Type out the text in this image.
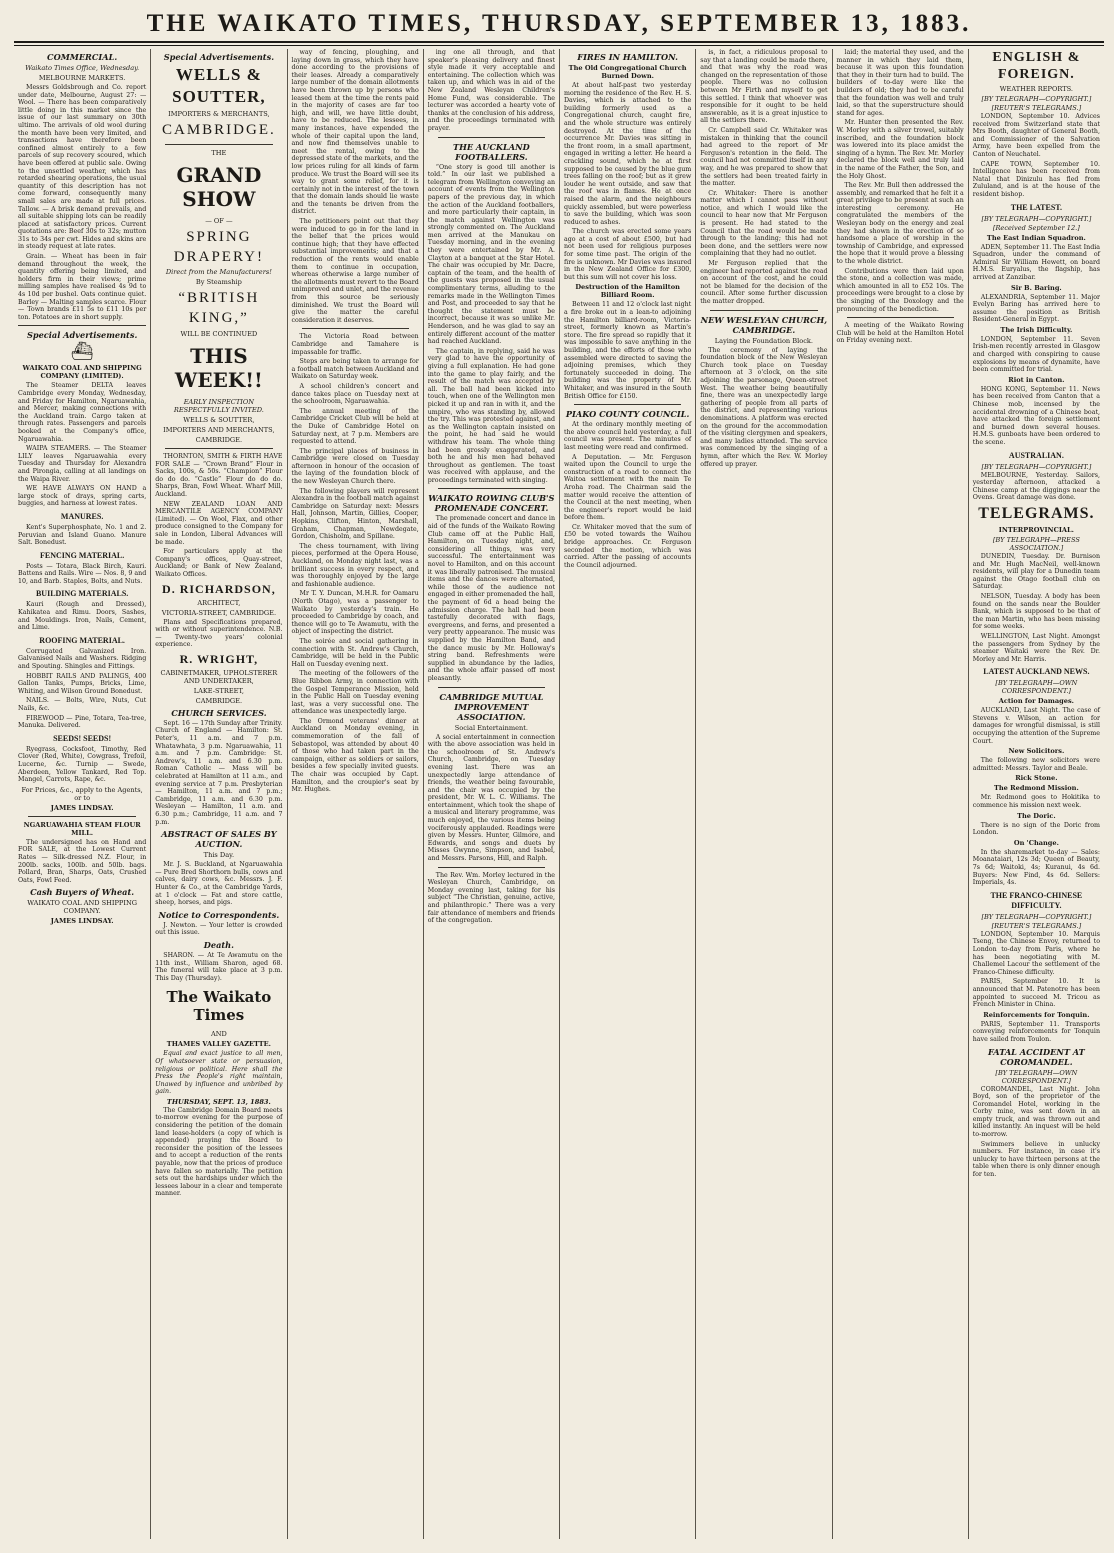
THE WAIKATO TIMES, THURSDAY, SEPTEMBER 13, 1883.
COMMERCIAL.
Waikato Times Office, Wednesday.
MELBOURNE MARKETS.

Messrs Goldsbrough and Co. report under date, Melbourne, August 27: — Wool. — There has been comparatively little doing in this market since the issue of our last summary on 30th ultimo. The arrivals of old wool during the month have been very limited, and transactions have therefore been confined almost entirely to a few parcels of sup recovery scoured, which have been offered at public sale. Owing to the unsettled weather, which has retarded shearing operations, the usual quantity of this description has not come forward, consequently many small sales are made at full prices. Tallow. — A brisk demand prevails, and all suitable shipping lots can be readily placed at satisfactory prices. Current quotations are: Beef 30s to 32s; mutton 31s to 34s per cwt. Hides and skins are in steady request at late rates.

Grain. — Wheat has been in fair demand throughout the week, the quantity offering being limited, and holders firm in their views; prime milling samples have realised 4s 9d to 4s 10d per bushel. Oats continue quiet. Barley — Malting samples scarce. Flour — Town brands £11 5s to £11 10s per ton. Potatoes are in short supply.

Special Advertisements.
⛴
WAIKATO COAL AND SHIPPING COMPANY (LIMITED).

The Steamer DELTA leaves Cambridge every Monday, Wednesday, and Friday for Hamilton, Ngaruawahia, and Mercer, making connections with the Auckland train. Cargo taken at through rates. Passengers and parcels booked at the Company's office, Ngaruawahia.

WAIPA STEAMERS. — The Steamer LILY leaves Ngaruawahia every Tuesday and Thursday for Alexandra and Pirongia, calling at all landings on the Waipa River.

WE HAVE ALWAYS ON HAND a large stock of drays, spring carts, buggies, and harness at lowest rates.

MANURES.

Kent's Superphosphate, No. 1 and 2. Peruvian and Island Guano. Manure Salt. Bonedust.

FENCING MATERIAL.

Posts — Totara, Black Birch, Kauri. Battens and Rails. Wire — Nos. 8, 9 and 10, and Barb. Staples, Bolts, and Nuts.

BUILDING MATERIALS.

Kauri (Rough and Dressed), Kahikatea and Rimu. Doors, Sashes, and Mouldings. Iron, Nails, Cement, and Lime.

ROOFING MATERIAL.

Corrugated Galvanized Iron. Galvanised Nails and Washers. Ridging and Spouting. Shingles and Fittings.

HOBBIT RAILS AND PALINGS, 400 Gallon Tanks, Pumps, Bricks, Lime, Whiting, and Wilson Ground Bonedust.

NAILS. — Bolts, Wire, Nuts, Cut Nails, &c.

FIREWOOD — Pine, Totara, Tea-tree, Manuka. Delivered.

SEEDS! SEEDS!

Ryegrass, Cocksfoot, Timothy, Red Clover (Red, White), Cowgrass, Trefoil, Lucerne, &c. Turnip — Swede, Aberdeen, Yellow Tankard, Red Top. Mangel, Carrots, Rape, &c.

For Prices, &c., apply to the Agents, or to
JAMES LINDSAY.
NGARUAWAHIA STEAM FLOUR MILL.

The undersigned has on Hand and FOR SALE, at the Lowest Current Rates — Silk-dressed N.Z. Flour, in 200lb. sacks, 100lb. and 50lb. bags. Pollard, Bran, Sharps, Oats, Crushed Oats, Fowl Feed.

Cash Buyers of Wheat.
WAIKATO COAL AND SHIPPING COMPANY.
JAMES LINDSAY.
Special Advertisements.
WELLS & SOUTTER,
IMPORTERS & MERCHANTS,
CAMBRIDGE.
THE
GRAND SHOW
— OF —
SPRING DRAPERY!
Direct from the Manufacturers!
By Steamship
“BRITISH KING,”
WILL BE CONTINUED
THIS WEEK!!
EARLY INSPECTION RESPECTFULLY INVITED.
WELLS & SOUTTER,
IMPORTERS AND MERCHANTS,
CAMBRIDGE.

THORNTON, SMITH & FIRTH HAVE FOR SALE — “Crown Brand” Flour in Sacks, 100s, & 50s. “Champion” Flour do do do. “Castle” Flour do do do. Sharps, Bran, Fowl Wheat. Wharf Mill, Auckland.

NEW ZEALAND LOAN AND MERCANTILE AGENCY COMPANY (Limited). — On Wool, Flax, and other produce consigned to the Company for sale in London, Liberal Advances will be made.

For particulars apply at the Company's offices, Quay-street, Auckland; or Bank of New Zealand, Waikato Offices.

D. RICHARDSON,
ARCHITECT,
VICTORIA-STREET, CAMBRIDGE.

Plans and Specifications prepared, with or without superintendence. N.B. — Twenty-two years' colonial experience.

R. WRIGHT,
CABINETMAKER, UPHOLSTERER AND UNDERTAKER,
LAKE-STREET,
CAMBRIDGE.
CHURCH SERVICES.

Sept. 16 — 17th Sunday after Trinity. Church of England — Hamilton: St. Peter's, 11 a.m. and 7 p.m. Whatawhata, 3 p.m. Ngaruawahia, 11 a.m. and 7 p.m. Cambridge: St. Andrew's, 11 a.m. and 6.30 p.m. Roman Catholic — Mass will be celebrated at Hamilton at 11 a.m., and evening service at 7 p.m. Presbyterian — Hamilton, 11 a.m. and 7 p.m.; Cambridge, 11 a.m. and 6.30 p.m. Wesleyan — Hamilton, 11 a.m. and 6.30 p.m.; Cambridge, 11 a.m. and 7 p.m.

ABSTRACT OF SALES BY AUCTION.
This Day.

Mr. J. S. Buckland, at Ngaruawahia — Pure Bred Shorthorn bulls, cows and calves, dairy cows, &c. Messrs. J. F. Hunter & Co., at the Cambridge Yards, at 1 o'clock — Fat and store cattle, sheep, horses, and pigs.

Notice to Correspondents.

J. Newton. — Your letter is crowded out this issue.

Death.

SHARON. — At Te Awamutu on the 11th inst., William Sharon, aged 68. The funeral will take place at 3 p.m. This Day (Thursday).

The Waikato Times
AND
THAMES VALLEY GAZETTE.

Equal and exact justice to all men, Of whatsoever state or persuasion, religious or political. Here shall the Press the People's right maintain, Unawed by influence and unbribed by gain.

THURSDAY, SEPT. 13, 1883.

The Cambridge Domain Board meets to-morrow evening for the purpose of considering the petition of the domain land lease-holders (a copy of which is appended) praying the Board to reconsider the position of the lessees and to accept a reduction of the rents payable, now that the prices of produce have fallen so materially. The petition sets out the hardships under which the lessees labour in a clear and temperate manner.

way of fencing, ploughing, and laying down in grass, which they have done according to the provisions of their leases. Already a comparatively large number of the domain allotments have been thrown up by persons who leased them at the time the rents paid in the majority of cases are far too high, and will, we have little doubt, have to be reduced. The lessees, in many instances, have expended the whole of their capital upon the land, and now find themselves unable to meet the rental, owing to the depressed state of the markets, and the low prices ruling for all kinds of farm produce. We trust the Board will see its way to grant some relief, for it is certainly not in the interest of the town that the domain lands should lie waste and the tenants be driven from the district.

The petitioners point out that they were induced to go in for the land in the belief that the prices would continue high; that they have effected substantial improvements; and that a reduction of the rents would enable them to continue in occupation, whereas otherwise a large number of the allotments must revert to the Board unimproved and unlet, and the revenue from this source be seriously diminished. We trust the Board will give the matter the careful consideration it deserves.

The Victoria Road between Cambridge and Tamahere is impassable for traffic.

Steps are being taken to arrange for a football match between Auckland and Waikato on Saturday week.

A school children's concert and dance takes place on Tuesday next at the schoolroom, Ngaruawahia.

The annual meeting of the Cambridge Cricket Club will be held at the Duke of Cambridge Hotel on Saturday next, at 7 p.m. Members are requested to attend.

The principal places of business in Cambridge were closed on Tuesday afternoon in honour of the occasion of the laying of the foundation block of the new Wesleyan Church there.

The following players will represent Alexandra in the football match against Cambridge on Saturday next: Messrs Hall, Johnson, Martin, Gillies, Cooper, Hopkins, Clifton, Hinton, Marshall, Graham, Chapman, Newdegate, Gordon, Chisholm, and Spillane.

The chess tournament, with living pieces, performed at the Opera House, Auckland, on Monday night last, was a brilliant success in every respect, and was thoroughly enjoyed by the large and fashionable audience.

Mr T. Y. Duncan, M.H.R. for Oamaru (North Otago), was a passenger to Waikato by yesterday's train. He proceeded to Cambridge by coach, and thence will go to Te Awamutu, with the object of inspecting the district.

The soirée and social gathering in connection with St. Andrew's Church, Cambridge, will be held in the Public Hall on Tuesday evening next.

The meeting of the followers of the Blue Ribbon Army, in connection with the Gospel Temperance Mission, held in the Public Hall on Tuesday evening last, was a very successful one. The attendance was unexpectedly large.

The Ormond veterans' dinner at Auckland on Monday evening, in commemoration of the fall of Sebastopol, was attended by about 40 of those who had taken part in the campaign, either as soldiers or sailors, besides a few specially invited guests. The chair was occupied by Capt. Hamilton, and the croupier's seat by Mr. Hughes.

ing one all through, and that speaker's pleasing delivery and finest style made it very acceptable and entertaining. The collection which was taken up, and which was in aid of the New Zealand Wesleyan Children's Home Fund, was considerable. The lecturer was accorded a hearty vote of thanks at the conclusion of his address, and the proceedings terminated with prayer.

THE AUCKLAND FOOTBALLERS.

“One story is good till another is told.” In our last we published a telegram from Wellington conveying an account of events from the Wellington papers of the previous day, in which the action of the Auckland footballers, and more particularly their captain, in the match against Wellington was strongly commented on. The Auckland men arrived at the Manukau on Tuesday morning, and in the evening they were entertained by Mr. A. Clayton at a banquet at the Star Hotel. The chair was occupied by Mr. Dacre, captain of the team, and the health of the guests was proposed in the usual complimentary terms, alluding to the remarks made in the Wellington Times and Post, and proceeded to say that he thought the statement must be incorrect, because it was so unlike Mr. Henderson, and he was glad to say an entirely different account of the matter had reached Auckland.

The captain, in replying, said he was very glad to have the opportunity of giving a full explanation. He had gone into the game to play fairly, and the result of the match was accepted by all. The ball had been kicked into touch, when one of the Wellington men picked it up and ran in with it, and the umpire, who was standing by, allowed the try. This was protested against, and as the Wellington captain insisted on the point, he had said he would withdraw his team. The whole thing had been grossly exaggerated, and both he and his men had behaved throughout as gentlemen. The toast was received with applause, and the proceedings terminated with singing.

WAIKATO ROWING CLUB'S PROMENADE CONCERT.

The promenade concert and dance in aid of the funds of the Waikato Rowing Club came off at the Public Hall, Hamilton, on Tuesday night, and, considering all things, was very successful. The entertainment was novel to Hamilton, and on this account it was liberally patronised. The musical items and the dances were alternated, while those of the audience not engaged in either promenaded the hall, the payment of 6d a head being the admission charge. The hall had been tastefully decorated with flags, evergreens, and ferns, and presented a very pretty appearance. The music was supplied by the Hamilton Band, and the dance music by Mr. Holloway's string band. Refreshments were supplied in abundance by the ladies, and the whole affair passed off most pleasantly.

CAMBRIDGE MUTUAL IMPROVEMENT ASSOCIATION.
Social Entertainment.

A social entertainment in connection with the above association was held in the schoolroom of St. Andrew's Church, Cambridge, on Tuesday evening last. There was an unexpectedly large attendance of friends, the weather being favourable, and the chair was occupied by the president, Mr. W. L. C. Williams. The entertainment, which took the shape of a musical and literary programme, was much enjoyed, the various items being vociferously applauded. Readings were given by Messrs. Hunter, Gilmore, and Edwards, and songs and duets by Misses Gwynne, Simpson, and Isabel, and Messrs. Parsons, Hill, and Ralph.

The Rev. Wm. Morley lectured in the Wesleyan Church, Cambridge, on Monday evening last, taking for his subject “The Christian, genuine, active, and philanthropic.” There was a very fair attendance of members and friends of the congregation.

FIRES IN HAMILTON.
The Old Congregational Church Burned Down.

At about half-past two yesterday morning the residence of the Rev. H. S. Davies, which is attached to the building formerly used as a Congregational church, caught fire, and the whole structure was entirely destroyed. At the time of the occurrence Mr. Davies was sitting in the front room, in a small apartment, engaged in writing a letter. He heard a crackling sound, which he at first supposed to be caused by the blue gum trees falling on the roof; but as it grew louder he went outside, and saw that the roof was in flames. He at once raised the alarm, and the neighbours quickly assembled, but were powerless to save the building, which was soon reduced to ashes.

The church was erected some years ago at a cost of about £500, but had not been used for religious purposes for some time past. The origin of the fire is unknown. Mr Davies was insured in the New Zealand Office for £300, but this sum will not cover his loss.

Destruction of the Hamilton Billiard Room.

Between 11 and 12 o'clock last night a fire broke out in a lean-to adjoining the Hamilton billiard-room, Victoria-street, formerly known as Martin's store. The fire spread so rapidly that it was impossible to save anything in the building, and the efforts of those who assembled were directed to saving the adjoining premises, which they fortunately succeeded in doing. The building was the property of Mr. Whitaker, and was insured in the South British Office for £150.

PIAKO COUNTY COUNCIL.

At the ordinary monthly meeting of the above council held yesterday, a full council was present. The minutes of last meeting were read and confirmed.

A Deputation. — Mr. Ferguson waited upon the Council to urge the construction of a road to connect the Waitoa settlement with the main Te Aroha road. The Chairman said the matter would receive the attention of the Council at the next meeting, when the engineer's report would be laid before them.

Cr. Whitaker moved that the sum of £50 be voted towards the Waihou bridge approaches. Cr. Ferguson seconded the motion, which was carried. After the passing of accounts the Council adjourned.

is, in fact, a ridiculous proposal to say that a landing could be made there, and that was why the road was changed on the representation of those people. There was no collusion between Mr Firth and myself to get this settled. I think that whoever was responsible for it ought to be held answerable, as it is a great injustice to all the settlers there.

Cr. Campbell said Cr. Whitaker was mistaken in thinking that the council had agreed to the report of Mr Ferguson's retention in the field. The council had not committed itself in any way, and he was prepared to show that the settlers had been treated fairly in the matter.

Cr. Whitaker: There is another matter which I cannot pass without notice, and which I would like the council to hear now that Mr Ferguson is present. He had stated to the Council that the road would be made through to the landing; this had not been done, and the settlers were now complaining that they had no outlet.

Mr Ferguson replied that the engineer had reported against the road on account of the cost, and he could not be blamed for the decision of the council. After some further discussion the matter dropped.

NEW WESLEYAN CHURCH, CAMBRIDGE.
Laying the Foundation Block.

The ceremony of laying the foundation block of the New Wesleyan Church took place on Tuesday afternoon at 3 o'clock, on the site adjoining the parsonage, Queen-street West. The weather being beautifully fine, there was an unexpectedly large gathering of people from all parts of the district, and representing various denominations. A platform was erected on the ground for the accommodation of the visiting clergymen and speakers, and many ladies attended. The service was commenced by the singing of a hymn, after which the Rev. W. Morley offered up prayer.

laid; the material they used, and the manner in which they laid them, because it was upon this foundation that they in their turn had to build. The builders of to-day were like the builders of old; they had to be careful that the foundation was well and truly laid, so that the superstructure should stand for ages.

Mr. Hunter then presented the Rev. W. Morley with a silver trowel, suitably inscribed, and the foundation block was lowered into its place amidst the singing of a hymn. The Rev. Mr. Morley declared the block well and truly laid in the name of the Father, the Son, and the Holy Ghost.

The Rev. Mr. Bull then addressed the assembly, and remarked that he felt it a great privilege to be present at such an interesting ceremony. He congratulated the members of the Wesleyan body on the energy and zeal they had shown in the erection of so handsome a place of worship in the township of Cambridge, and expressed the hope that it would prove a blessing to the whole district.

Contributions were then laid upon the stone, and a collection was made, which amounted in all to £52 10s. The proceedings were brought to a close by the singing of the Doxology and the pronouncing of the benediction.

A meeting of the Waikato Rowing Club will be held at the Hamilton Hotel on Friday evening next.

ENGLISH & FOREIGN.
WEATHER REPORTS.
[BY TELEGRAPH—COPYRIGHT.]
[REUTER'S TELEGRAMS.]

LONDON, September 10. Advices received from Switzerland state that Mrs Booth, daughter of General Booth, and Commissioner of the Salvation Army, have been expelled from the Canton of Neuchatel.

CAPE TOWN, September 10. Intelligence has been received from Natal that Dinizulu has fled from Zululand, and is at the house of the resident bishop.

THE LATEST.
[BY TELEGRAPH—COPYRIGHT.]
[Received September 12.]
The East Indian Squadron.

ADEN, September 11. The East India Squadron, under the command of Admiral Sir William Hewett, on board H.M.S. Euryalus, the flagship, has arrived at Zanzibar.

Sir B. Baring.

ALEXANDRIA, September 11. Major Evelyn Baring has arrived here to assume the position as British Resident-General in Egypt.

The Irish Difficulty.

LONDON, September 11. Seven Irish-men recently arrested in Glasgow and charged with conspiring to cause explosions by means of dynamite, have been committed for trial.

Riot in Canton.

HONG KONG, September 11. News has been received from Canton that a Chinese mob, incensed by the accidental drowning of a Chinese boat, have attacked the foreign settlement and burned down several houses. H.M.S. gunboats have been ordered to the scene.

AUSTRALIAN.
[BY TELEGRAPH—COPYRIGHT.]

MELBOURNE, Yesterday. Sailors, yesterday afternoon, attacked a Chinese camp at the diggings near the Ovens. Great damage was done.

TELEGRAMS.
INTERPROVINCIAL.
[BY TELEGRAPH—PRESS ASSOCIATION.]

DUNEDIN, Tuesday. Dr. Burnison and Mr. Hugh MacNeil, well-known residents, will play for a Dunedin team against the Otago football club on Saturday.

NELSON, Tuesday. A body has been found on the sands near the Boulder Bank, which is supposed to be that of the man Martin, who has been missing for some weeks.

WELLINGTON, Last Night. Amongst the passengers from Sydney by the steamer Waitaki were the Rev. Dr. Morley and Mr. Harris.

LATEST AUCKLAND NEWS.
[BY TELEGRAPH—OWN CORRESPONDENT.]
Action for Damages.

AUCKLAND, Last Night. The case of Stevens v. Wilson, an action for damages for wrongful dismissal, is still occupying the attention of the Supreme Court.

New Solicitors.

The following new solicitors were admitted: Messrs. Taylor and Beale.

Rick Stone.
The Redmond Mission.

Mr. Redmond goes to Hokitika to commence his mission next week.

The Doric.

There is no sign of the Doric from London.

On 'Change.

In the sharemarket to-day — Sales: Moanataiari, 12s 3d; Queen of Beauty, 7s 6d; Waitoki, 4s; Kuranui, 4s 6d. Buyers: New Find, 4s 6d. Sellers: Imperials, 4s.

THE FRANCO-CHINESE DIFFICULTY.
[BY TELEGRAPH—COPYRIGHT.]
[REUTER'S TELEGRAMS.]

LONDON, September 10. Marquis Tseng, the Chinese Envoy, returned to London to-day from Paris, where he has been negotiating with M. Challemel Lacour the settlement of the Franco-Chinese difficulty.

PARIS, September 10. It is announced that M. Patenotre has been appointed to succeed M. Tricou as French Minister in China.

Reinforcements for Tonquin.

PARIS, September 11. Transports conveying reinforcements for Tonquin have sailed from Toulon.

FATAL ACCIDENT AT COROMANDEL.
[BY TELEGRAPH—OWN CORRESPONDENT.]

COROMANDEL, Last Night. John Boyd, son of the proprietor of the Coromandel Hotel, working in the Corby mine, was sent down in an empty truck, and was thrown out and killed instantly. An inquest will be held to-morrow.

Swimmers believe in unlucky numbers. For instance, in case it's unlucky to have thirteen persons at the table when there is only dinner enough for ten.
